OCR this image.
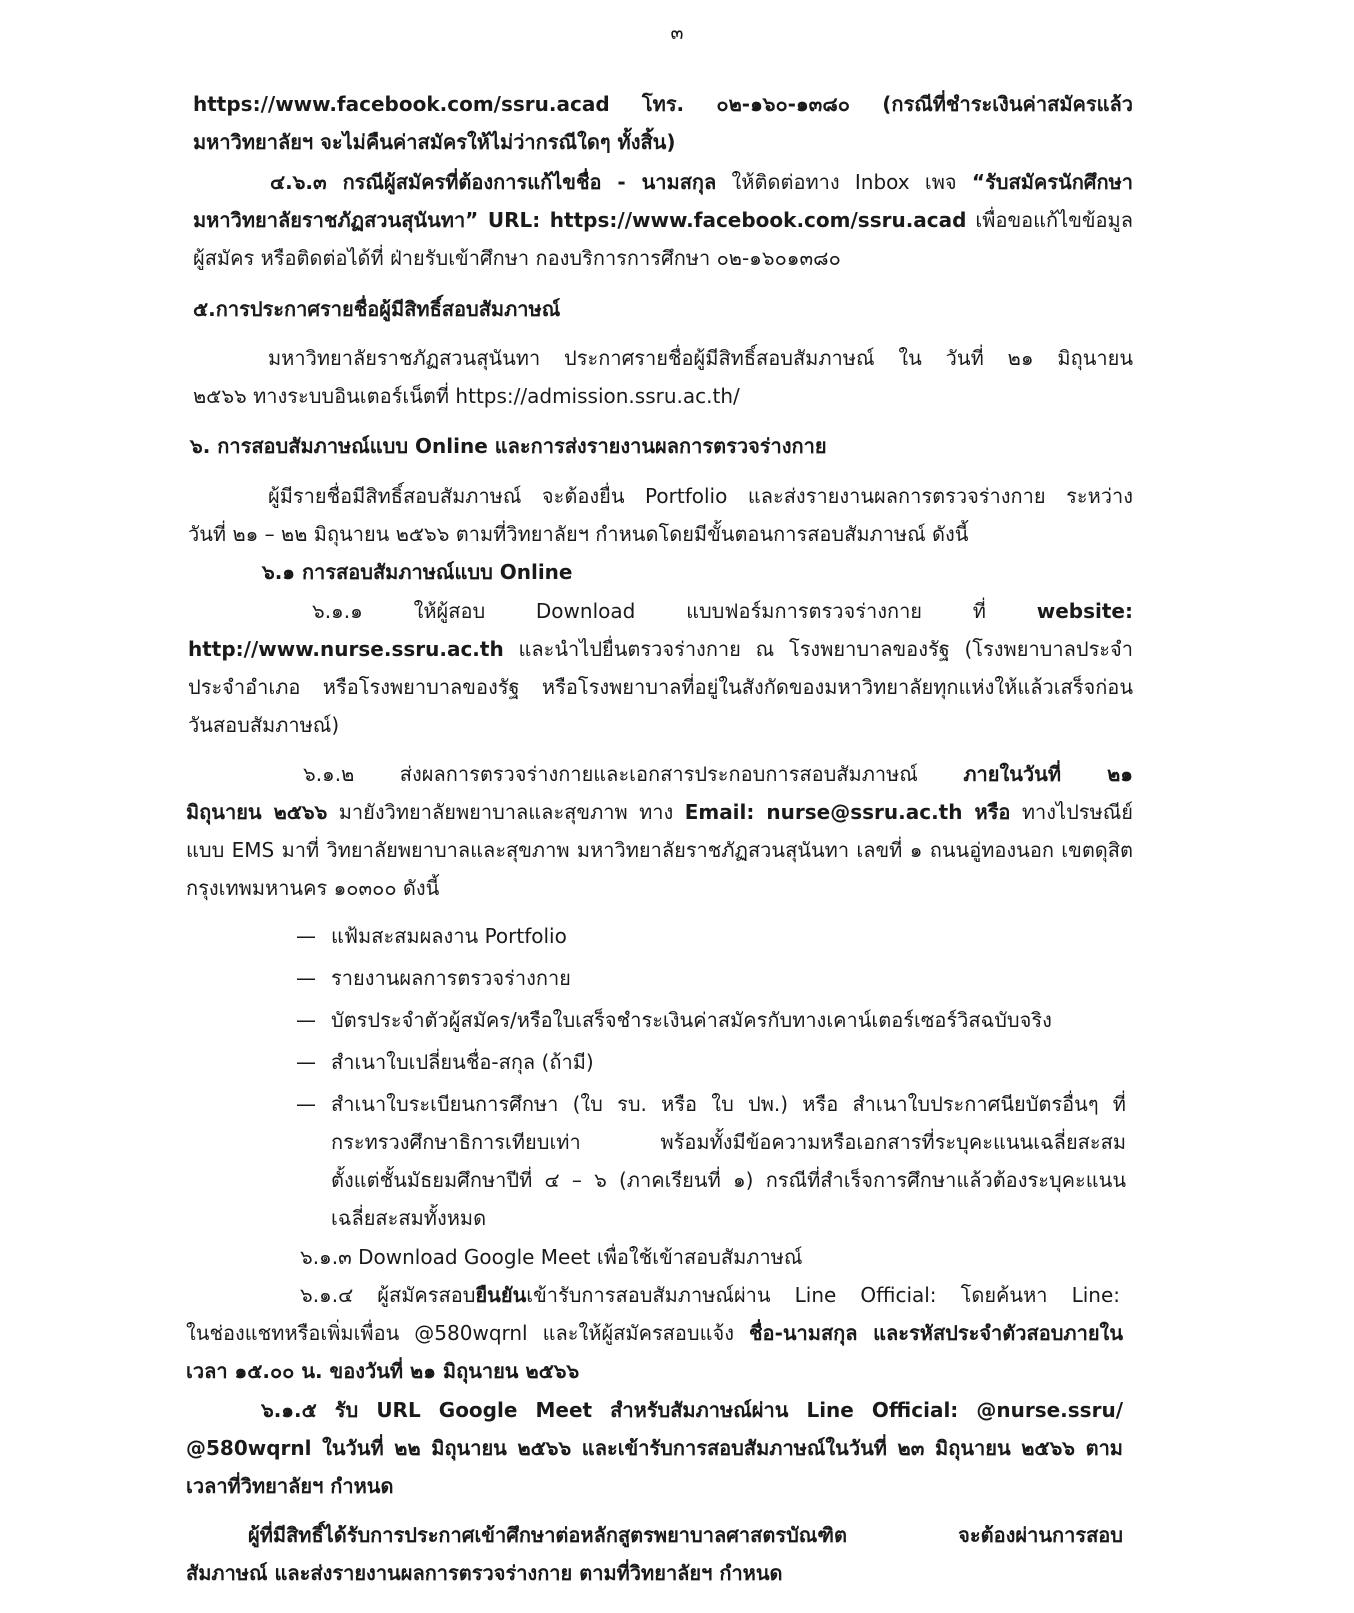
๓
https://www.facebook.com/ssru.acad โทร. ๐๒-๑๖๐-๑๓๘๐ (กรณีที่ชำระเงินค่าสมัครแล้ว
มหาวิทยาลัยฯ จะไม่คืนค่าสมัครให้ไม่ว่ากรณีใดๆ ทั้งสิ้น)
๔.๖.๓ กรณีผู้สมัครที่ต้องการแก้ไขชื่อ - นามสกุล ให้ติดต่อทาง Inbox เพจ “รับสมัครนักศึกษา
มหาวิทยาลัยราชภัฏสวนสุนันทา” URL: https://www.facebook.com/ssru.acad เพื่อขอแก้ไขข้อมูล
ผู้สมัคร หรือติดต่อได้ที่ ฝ่ายรับเข้าศึกษา กองบริการการศึกษา ๐๒-๑๖๐๑๓๘๐
๕.การประกาศรายชื่อผู้มีสิทธิ์สอบสัมภาษณ์
มหาวิทยาลัยราชภัฏสวนสุนันทา ประกาศรายชื่อผู้มีสิทธิ์สอบสัมภาษณ์ ใน วันที่ ๒๑ มิถุนายน
๒๕๖๖ ทางระบบอินเตอร์เน็ตที่ https://admission.ssru.ac.th/
๖. การสอบสัมภาษณ์แบบ Online และการส่งรายงานผลการตรวจร่างกาย
ผู้มีรายชื่อมีสิทธิ์สอบสัมภาษณ์ จะต้องยื่น Portfolio และส่งรายงานผลการตรวจร่างกาย ระหว่าง
วันที่ ๒๑ – ๒๒ มิถุนายน ๒๕๖๖ ตามที่วิทยาลัยฯ กำหนดโดยมีขั้นตอนการสอบสัมภาษณ์ ดังนี้
๖.๑ การสอบสัมภาษณ์แบบ Online
๖.๑.๑ ให้ผู้สอบ Download แบบฟอร์มการตรวจร่างกาย ที่ website:
http://www.nurse.ssru.ac.th และนำไปยื่นตรวจร่างกาย ณ โรงพยาบาลของรัฐ (โรงพยาบาลประจำ
ประจำอำเภอ หรือโรงพยาบาลของรัฐ หรือโรงพยาบาลที่อยู่ในสังกัดของมหาวิทยาลัยทุกแห่งให้แล้วเสร็จก่อน
วันสอบสัมภาษณ์)
๖.๑.๒ ส่งผลการตรวจร่างกายและเอกสารประกอบการสอบสัมภาษณ์ ภายในวันที่ ๒๑
มิถุนายน ๒๕๖๖ มายังวิทยาลัยพยาบาลและสุขภาพ ทาง Email: nurse@ssru.ac.th หรือ ทางไปรษณีย์
แบบ EMS มาที่ วิทยาลัยพยาบาลและสุขภาพ มหาวิทยาลัยราชภัฏสวนสุนันทา เลขที่ ๑ ถนนอู่ทองนอก เขตดุสิต
กรุงเทพมหานคร ๑๐๓๐๐ ดังนี้
แฟ้มสะสมผลงาน Portfolio
—
รายงานผลการตรวจร่างกาย
—
บัตรประจำตัวผู้สมัคร/หรือใบเสร็จชำระเงินค่าสมัครกับทางเคาน์เตอร์เซอร์วิสฉบับจริง
—
สำเนาใบเปลี่ยนชื่อ-สกุล (ถ้ามี)
—
สำเนาใบระเบียนการศึกษา (ใบ รบ. หรือ ใบ ปพ.) หรือ สำเนาใบประกาศนียบัตรอื่นๆ ที่
—
กระทรวงศึกษาธิการเทียบเท่า พร้อมทั้งมีข้อความหรือเอกสารที่ระบุคะแนนเฉลี่ยสะสม
ตั้งแต่ชั้นมัธยมศึกษาปีที่ ๔ – ๖ (ภาคเรียนที่ ๑) กรณีที่สำเร็จการศึกษาแล้วต้องระบุคะแนน
เฉลี่ยสะสมทั้งหมด
๖.๑.๓ Download Google Meet เพื่อใช้เข้าสอบสัมภาษณ์
๖.๑.๔ ผู้สมัครสอบยืนยันเข้ารับการสอบสัมภาษณ์ผ่าน Line Official: โดยค้นหา Line:
ในช่องแชทหรือเพิ่มเพื่อน @580wqrnl และให้ผู้สมัครสอบแจ้ง ชื่อ-นามสกุล และรหัสประจำตัวสอบภายใน
เวลา ๑๕.๐๐ น. ของวันที่ ๒๑ มิถุนายน ๒๕๖๖
๖.๑.๕ รับ URL Google Meet สำหรับสัมภาษณ์ผ่าน Line Official: @nurse.ssru/
@580wqrnl ในวันที่ ๒๒ มิถุนายน ๒๕๖๖ และเข้ารับการสอบสัมภาษณ์ในวันที่ ๒๓ มิถุนายน ๒๕๖๖ ตาม
เวลาที่วิทยาลัยฯ กำหนด
ผู้ที่มีสิทธิ์ได้รับการประกาศเข้าศึกษาต่อหลักสูตรพยาบาลศาสตรบัณฑิต จะต้องผ่านการสอบ
สัมภาษณ์ และส่งรายงานผลการตรวจร่างกาย ตามที่วิทยาลัยฯ กำหนด
